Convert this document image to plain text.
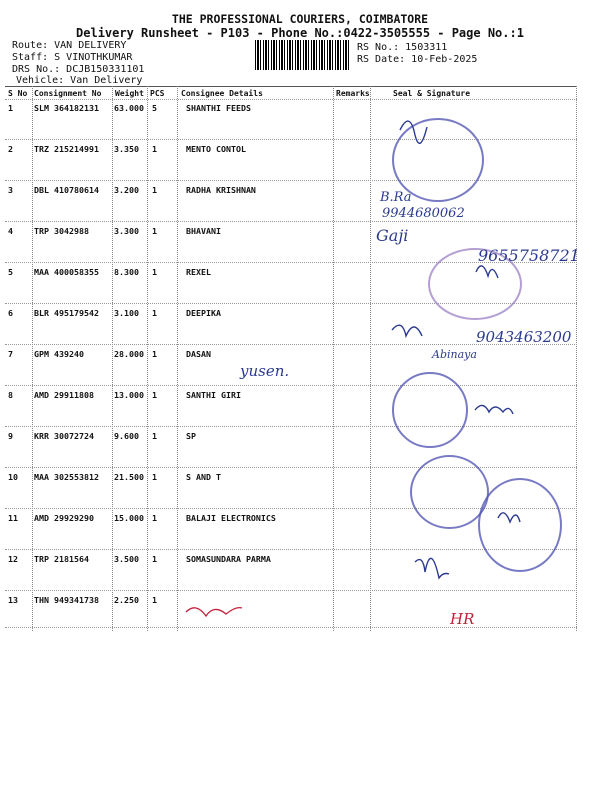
THE PROFESSIONAL COURIERS, COIMBATORE
Delivery Runsheet - P103 - Phone No.:0422-3505555 - Page No.:1
Route: VAN DELIVERY
Staff: S VINOTHKUMAR
DRS No.: DCJB150331101
Vehicle: Van Delivery
RS No.: 1503311
RS Date: 10-Feb-2025
S No Consignment No Weight PCS Consignee Details	Remarks	Seal & Signature
1	SLM 364182131 63.000 5	SHANTHI FEEDS
2	TRZ 215214991 3.350 1	MENTO CONTOL
3	DBL 410780614 3.200 1	RADHA KRISHNAN
4	TRP 3042988	3.300 1	BHAVANI
5	MAA 400058355 8.300 1	REXEL
6	BLR 495179542 3.100 1	DEEPIKA
7	GPM 439240	28.000 1	DASAN
8	AMD 29911808 13.000 1	SANTHI GIRI
9	KRR 30072724 9.600 1	SP
10 MAA 302553812 21.500 1	S AND T
11 AMD 29929290 15.000 1	BALAJI ELECTRONICS
12 TRP 2181564	3.500 1	SOMASUNDARA PARMA
13 THN 949341738 2.250 1
B.Ra
9944680062
Gaji
9655758721
yusen.
9043463200
Abinaya
HR
